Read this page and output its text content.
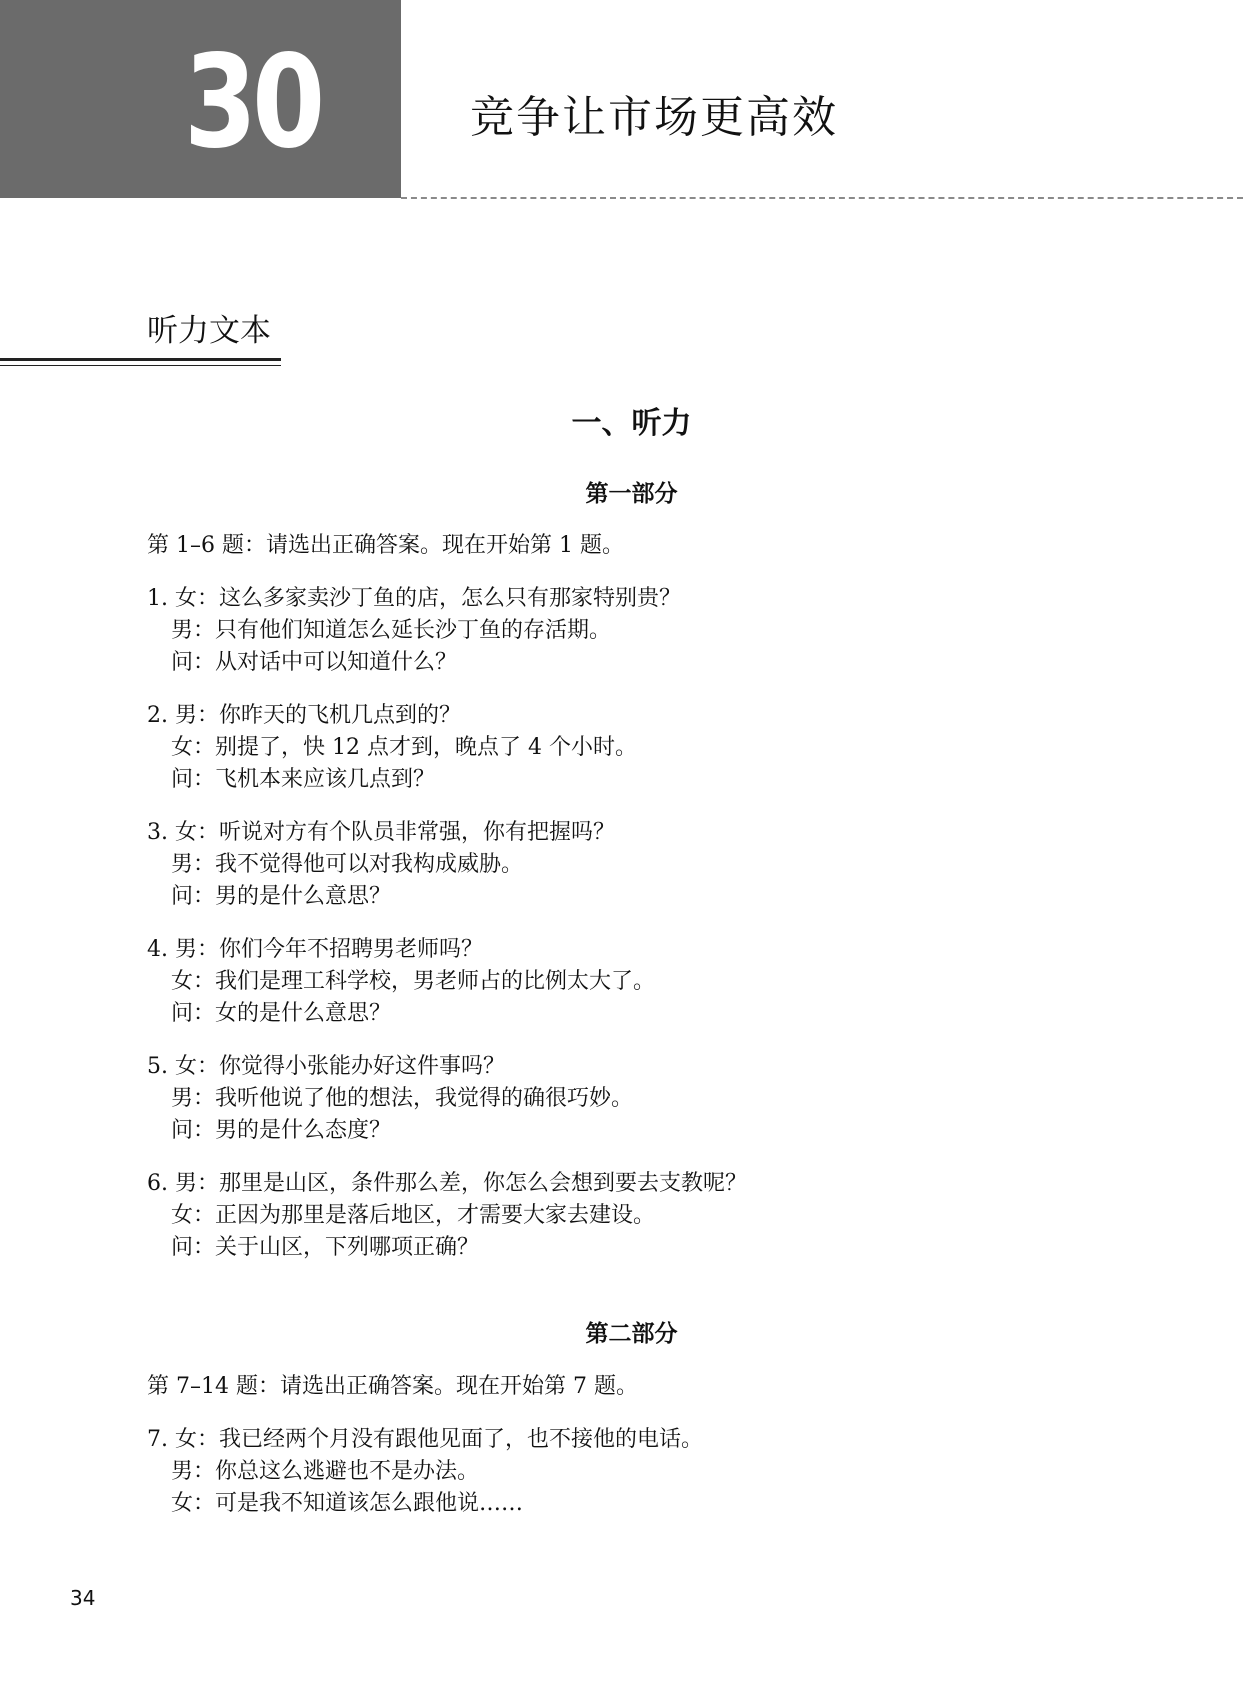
30	竞争让市场更高效
听力文本
一、听力
第一部分
第 1–6 题：请选出正确答案。现在开始第 1 题。
1. 女：这么多家卖沙丁鱼的店，怎么只有那家特别贵？
男：只有他们知道怎么延长沙丁鱼的存活期。
问：从对话中可以知道什么？
2. 男：你昨天的飞机几点到的？
女：别提了，快 12 点才到，晚点了 4 个小时。
问：飞机本来应该几点到？
3. 女：听说对方有个队员非常强，你有把握吗？
男：我不觉得他可以对我构成威胁。
问：男的是什么意思？
4. 男：你们今年不招聘男老师吗？
女：我们是理工科学校，男老师占的比例太大了。
问：女的是什么意思？
5. 女：你觉得小张能办好这件事吗？
男：我听他说了他的想法，我觉得的确很巧妙。
问：男的是什么态度？
6. 男：那里是山区，条件那么差，你怎么会想到要去支教呢？
女：正因为那里是落后地区，才需要大家去建设。
问：关于山区，下列哪项正确？
第二部分
第 7–14 题：请选出正确答案。现在开始第 7 题。
7. 女：我已经两个月没有跟他见面了，也不接他的电话。
男：你总这么逃避也不是办法。
女：可是我不知道该怎么跟他说……
34
